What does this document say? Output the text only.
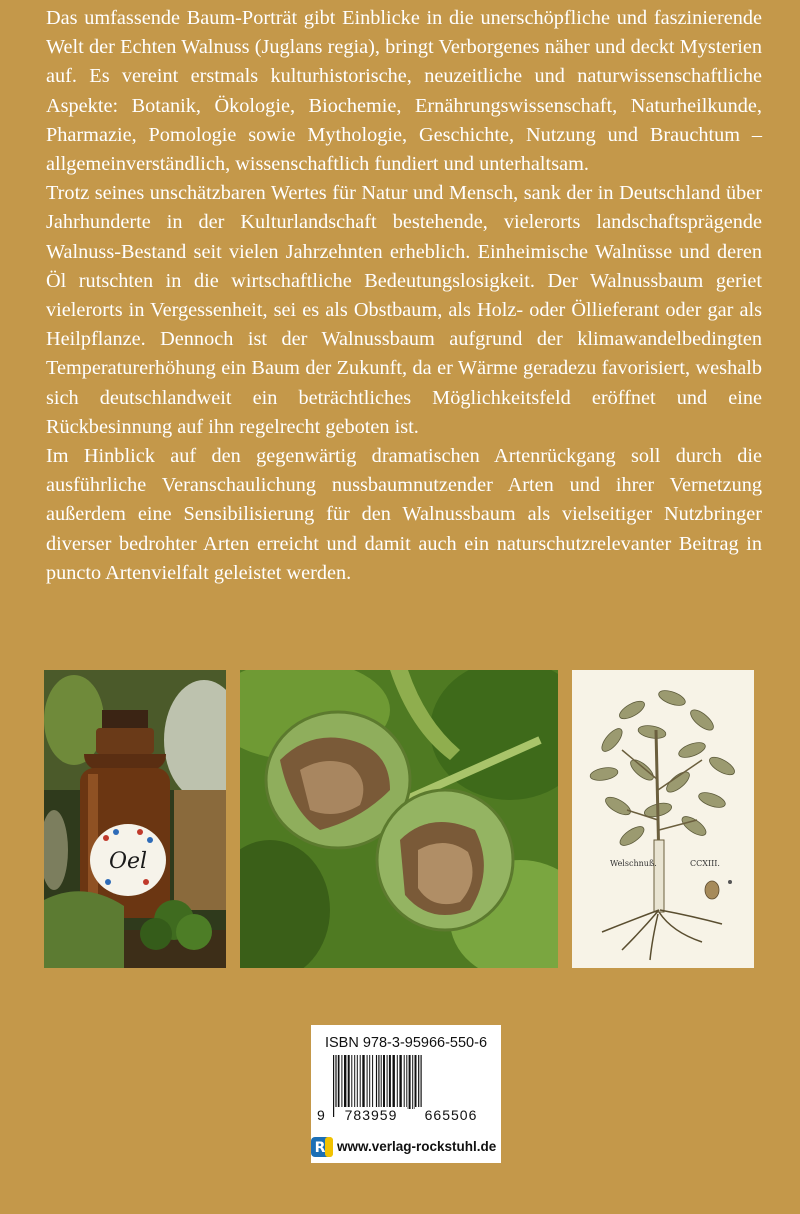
Das umfassende Baum-Porträt gibt Einblicke in die unerschöpfliche und faszinierende Welt der Echten Walnuss (Juglans regia), bringt Verborgenes näher und deckt Mysterien auf. Es vereint erstmals kulturhistorische, neuzeitliche und naturwissenschaftliche Aspekte: Botanik, Ökologie, Biochemie, Ernährungswissenschaft, Naturheilkunde, Pharmazie, Pomologie sowie Mythologie, Geschichte, Nutzung und Brauchtum – allgemeinverständlich, wissenschaftlich fundiert und unterhaltsam.

Trotz seines unschätzbaren Wertes für Natur und Mensch, sank der in Deutschland über Jahrhunderte in der Kulturlandschaft bestehende, vielerorts landschaftsprägende Walnuss-Bestand seit vielen Jahrzehnten erheblich. Einheimische Walnüsse und deren Öl rutschten in die wirtschaftliche Bedeutungslosigkeit. Der Walnussbaum geriet vielerorts in Vergessenheit, sei es als Obstbaum, als Holz- oder Öllieferant oder gar als Heilpflanze. Dennoch ist der Walnussbaum aufgrund der klimawandelbedingten Temperaturerhöhung ein Baum der Zukunft, da er Wärme geradezu favorisiert, weshalb sich deutschlandweit ein beträchtliches Möglichkeitsfeld eröffnet und eine Rückbesinnung auf ihn regelrecht geboten ist.

Im Hinblick auf den gegenwärtig dramatischen Artenrückgang soll durch die ausführliche Veranschaulichung nussbaumnutzender Arten und ihrer Vernetzung außerdem eine Sensibilisierung für den Walnussbaum als vielseitiger Nutzbringer diverser bedrohter Arten erreicht und damit auch ein naturschutzrelevanter Beitrag in puncto Artenvielfalt geleistet werden.

Oel	Welschnuß.	CCXIII.
ISBN 978-3-95966-550-6
9	783959	665506
R www.verlag-rockstuhl.de
